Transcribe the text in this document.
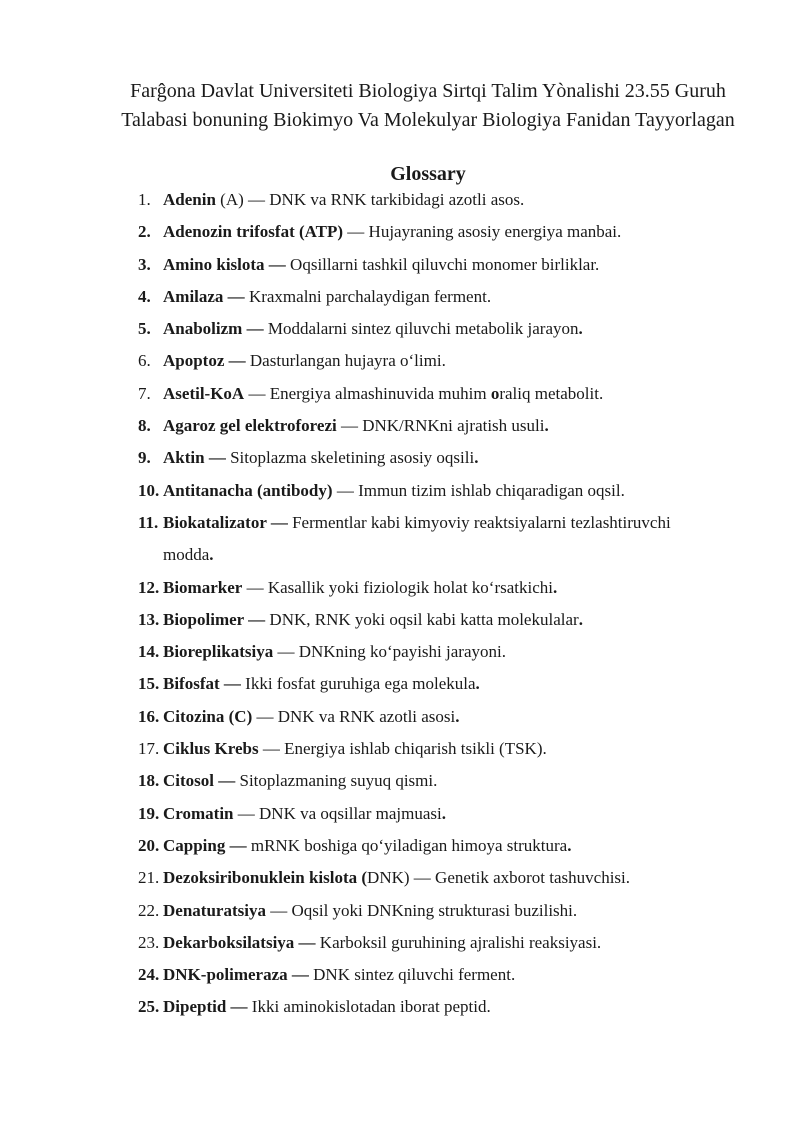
Farĝona Davlat Universiteti Biologiya Sirtqi Talim Yònalishi 23.55 Guruh Talabasi bonuning Biokimyo Va Molekulyar Biologiya Fanidan Tayyorlagan
Glossary
1. Adenin (A) — DNK va RNK tarkibidagi azotli asos.
2. Adenozin trifosfat (ATP) — Hujayraning asosiy energiya manbai.
3. Amino kislota — Oqsillarni tashkil qiluvchi monomer birliklar.
4. Amilaza — Kraxmalni parchalaydigan ferment.
5. Anabolizm — Moddalarni sintez qiluvchi metabolik jarayon.
6. Apoptoz — Dasturlangan hujayra o‘limi.
7. Asetil-KoA — Energiya almashinuvida muhim oraliq metabolit.
8. Agaroz gel elektroforezi — DNK/RNKni ajratish usuli.
9. Aktin — Sitoplazma skeletining asosiy oqsili.
10. Antitanacha (antibody) — Immun tizim ishlab chiqaradigan oqsil.
11. Biokatalizator — Fermentlar kabi kimyoviy reaktsiyalarni tezlashtiruvchi
modda.
12. Biomarker — Kasallik yoki fiziologik holat ko‘rsatkichi.
13. Biopolimer — DNK, RNK yoki oqsil kabi katta molekulalar.
14. Bioreplikatsiya — DNKning ko‘payishi jarayoni.
15. Bifosfat — Ikki fosfat guruhiga ega molekula.
16. Citozina (C) — DNK va RNK azotli asosi.
17. Ciklus Krebs — Energiya ishlab chiqarish tsikli (TSK).
18. Citosol — Sitoplazmaning suyuq qismi.
19. Cromatin — DNK va oqsillar majmuasi.
20. Capping — mRNK boshiga qo‘yiladigan himoya struktura.
21. Dezoksiribonuklein kislota (DNK) — Genetik axborot tashuvchisi.
22. Denaturatsiya — Oqsil yoki DNKning strukturasi buzilishi.
23. Dekarboksilatsiya — Karboksil guruhining ajralishi reaksiyasi.
24. DNK-polimeraza — DNK sintez qiluvchi ferment.
25. Dipeptid — Ikki aminokislotadan iborat peptid.
